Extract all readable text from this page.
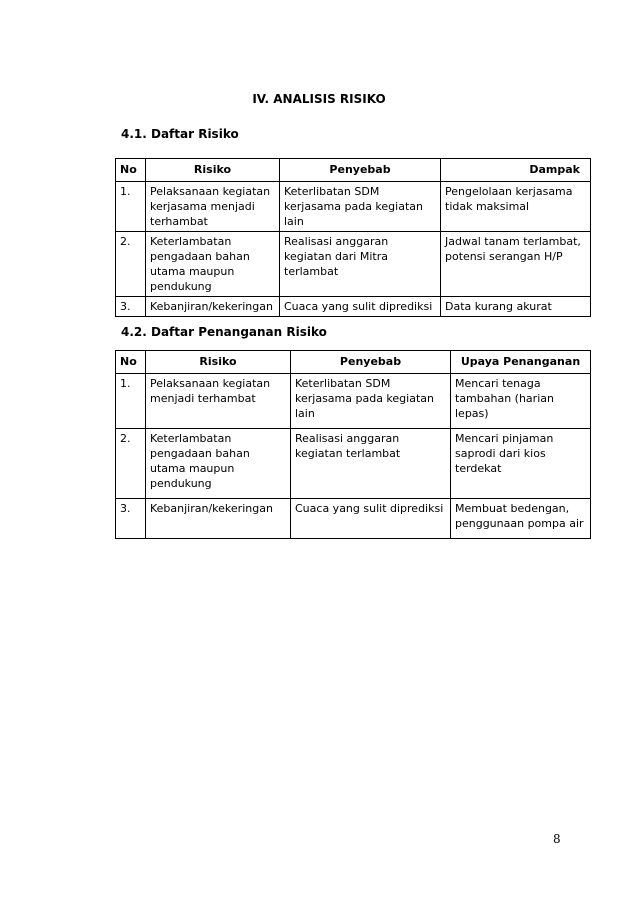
IV. ANALISIS RISIKO
4.1. Daftar Risiko
No	Risiko	Penyebab	Dampak
1.	Pelaksanaan kegiatan kerjasama menjadi terhambat	Keterlibatan SDM kerjasama pada kegiatan lain	Pengelolaan kerjasama tidak maksimal
2.	Keterlambatan pengadaan bahan utama maupun pendukung	Realisasi anggaran kegiatan dari Mitra terlambat	Jadwal tanam terlambat, potensi serangan H/P
3.	Kebanjiran/kekeringan	Cuaca yang sulit diprediksi	Data kurang akurat
4.2. Daftar Penanganan Risiko
No	Risiko	Penyebab	Upaya Penanganan
1.	Pelaksanaan kegiatan menjadi terhambat	Keterlibatan SDM kerjasama pada kegiatan lain	Mencari tenaga tambahan (harian lepas)
2.	Keterlambatan pengadaan bahan utama maupun pendukung	Realisasi anggaran kegiatan terlambat	Mencari pinjaman saprodi dari kios terdekat
3.	Kebanjiran/kekeringan	Cuaca yang sulit diprediksi	Membuat bedengan, penggunaan pompa air
8
